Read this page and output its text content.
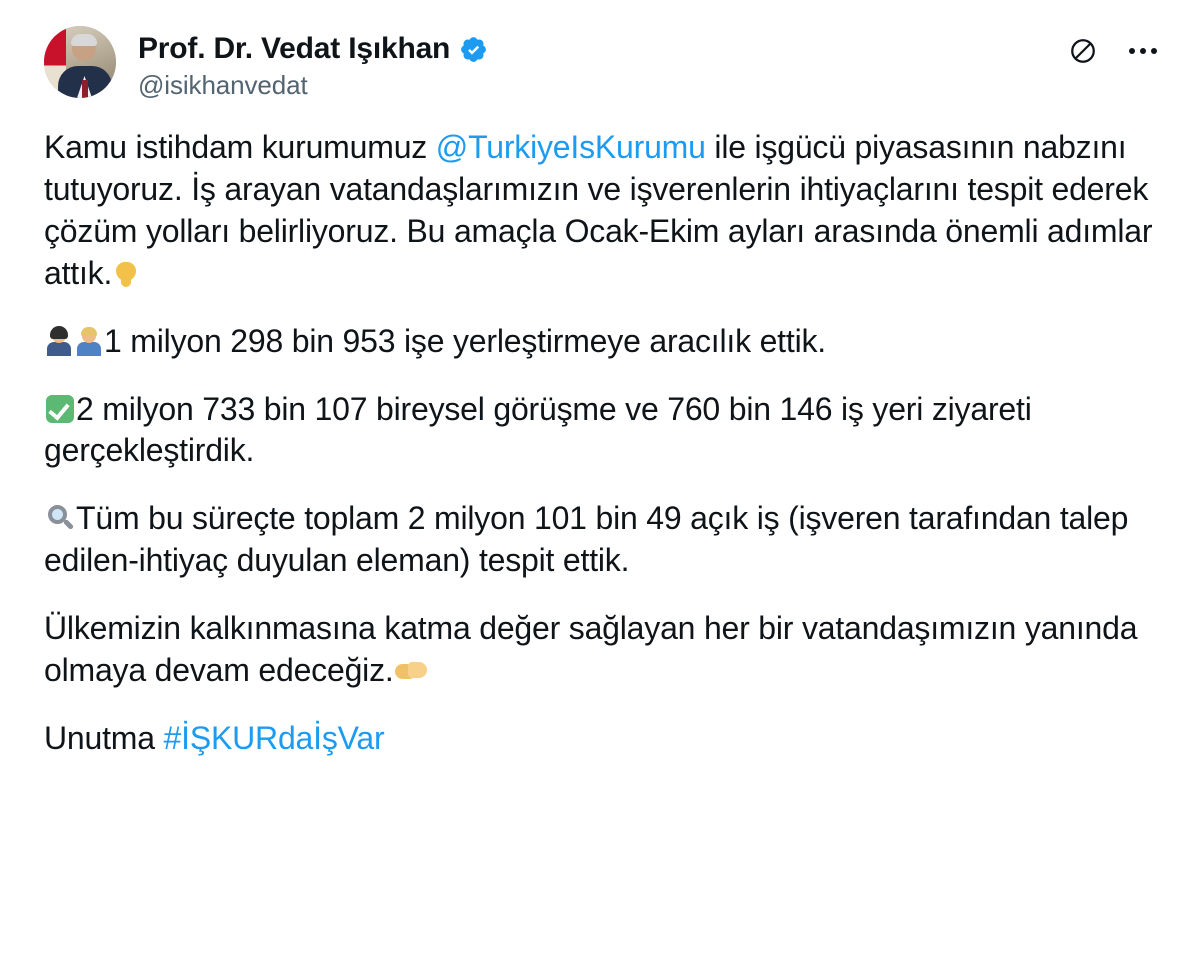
Prof. Dr. Vedat Işıkhan
@isikhanvedat

Kamu istihdam kurumumuz @TurkiyeIsKurumu ile işgücü piyasasının nabzını tutuyoruz. İş arayan vatandaşlarımızın ve işverenlerin ihtiyaçlarını tespit ederek çözüm yolları belirliyoruz. Bu amaçla Ocak-Ekim ayları arasında önemli adımlar attık.

1 milyon 298 bin 953 işe yerleştirmeye aracılık ettik.

2 milyon 733 bin 107 bireysel görüşme ve 760 bin 146 iş yeri ziyareti gerçekleştirdik.

Tüm bu süreçte toplam 2 milyon 101 bin 49 açık iş (işveren tarafından talep edilen-ihtiyaç duyulan eleman) tespit ettik.

Ülkemizin kalkınmasına katma değer sağlayan her bir vatandaşımızın yanında olmaya devam edeceğiz.

Unutma #İŞKURdaİşVar
